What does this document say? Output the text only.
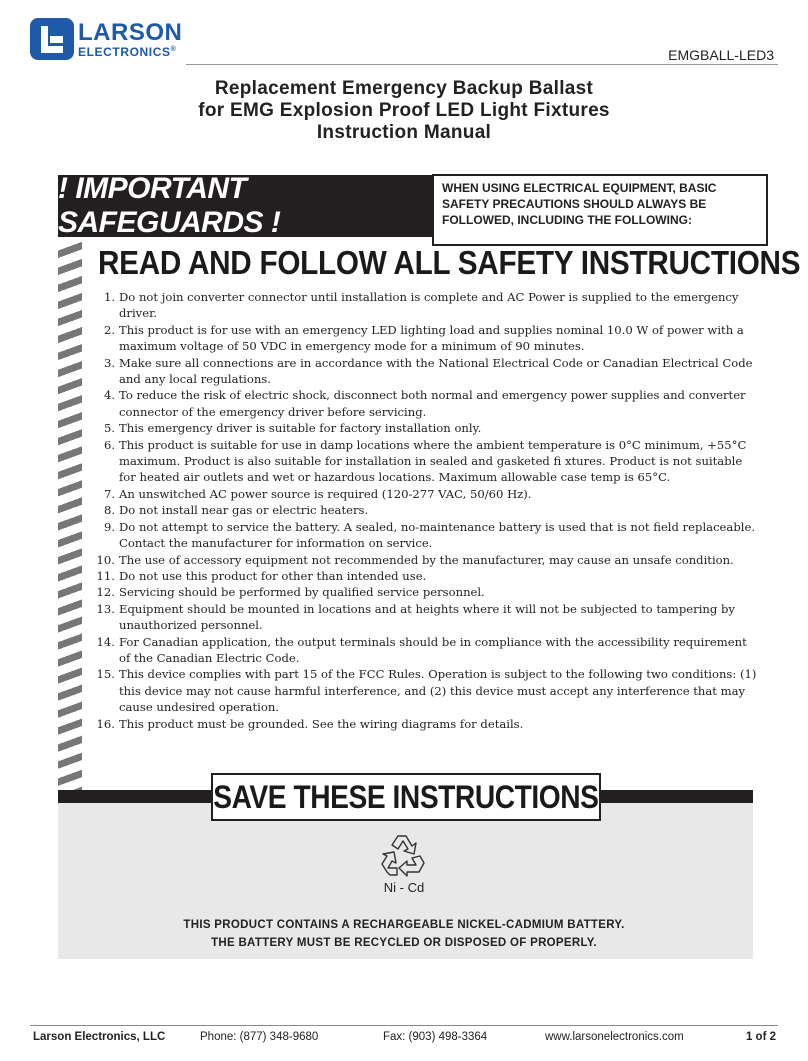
LARSON
ELECTRONICS®	EMGBALL-LED3
Replacement Emergency Backup Ballast
for EMG Explosion Proof LED Light Fixtures
Instruction Manual
! IMPORTANT SAFEGUARDS !
WHEN USING ELECTRICAL EQUIPMENT, BASIC
SAFETY PRECAUTIONS SHOULD ALWAYS BE
FOLLOWED, INCLUDING THE FOLLOWING:
READ AND FOLLOW ALL SAFETY INSTRUCTIONS
1. Do not join converter connector until installation is complete and AC Power is supplied to the emergency driver.
2. This product is for use with an emergency LED lighting load and supplies nominal 10.0 W of power with a maximum voltage of 50 VDC in emergency mode for a minimum of 90 minutes.
3. Make sure all connections are in accordance with the National Electrical Code or Canadian Electrical Code and any local regulations.
4. To reduce the risk of electric shock, disconnect both normal and emergency power supplies and converter connector of the emergency driver before servicing.
5. This emergency driver is suitable for factory installation only.
6. This product is suitable for use in damp locations where the ambient temperature is 0°C minimum, +55°C maximum. Product is also suitable for installation in sealed and gasketed fi xtures. Product is not suitable for heated air outlets and wet or hazardous locations. Maximum allowable case temp is 65°C.
7. An unswitched AC power source is required (120-277 VAC, 50/60 Hz).
8. Do not install near gas or electric heaters.
9. Do not attempt to service the battery. A sealed, no-maintenance battery is used that is not field replaceable. Contact the manufacturer for information on service.
10. The use of accessory equipment not recommended by the manufacturer, may cause an unsafe condition.
11. Do not use this product for other than intended use.
12. Servicing should be performed by qualified service personnel.
13. Equipment should be mounted in locations and at heights where it will not be subjected to tampering by unauthorized personnel.
14. For Canadian application, the output terminals should be in compliance with the accessibility requirement of the Canadian Electric Code.
15. This device complies with part 15 of the FCC Rules. Operation is subject to the following two conditions: (1) this device may not cause harmful interference, and (2) this device must accept any interference that may cause undesired operation.
16. This product must be grounded. See the wiring diagrams for details.
SAVE THESE INSTRUCTIONS
Ni - Cd
THIS PRODUCT CONTAINS A RECHARGEABLE NICKEL-CADMIUM BATTERY.
THE BATTERY MUST BE RECYCLED OR DISPOSED OF PROPERLY.
Larson Electronics, LLC	Phone: (877) 348-9680	Fax: (903) 498-3364	www.larsonelectronics.com	1 of 2
